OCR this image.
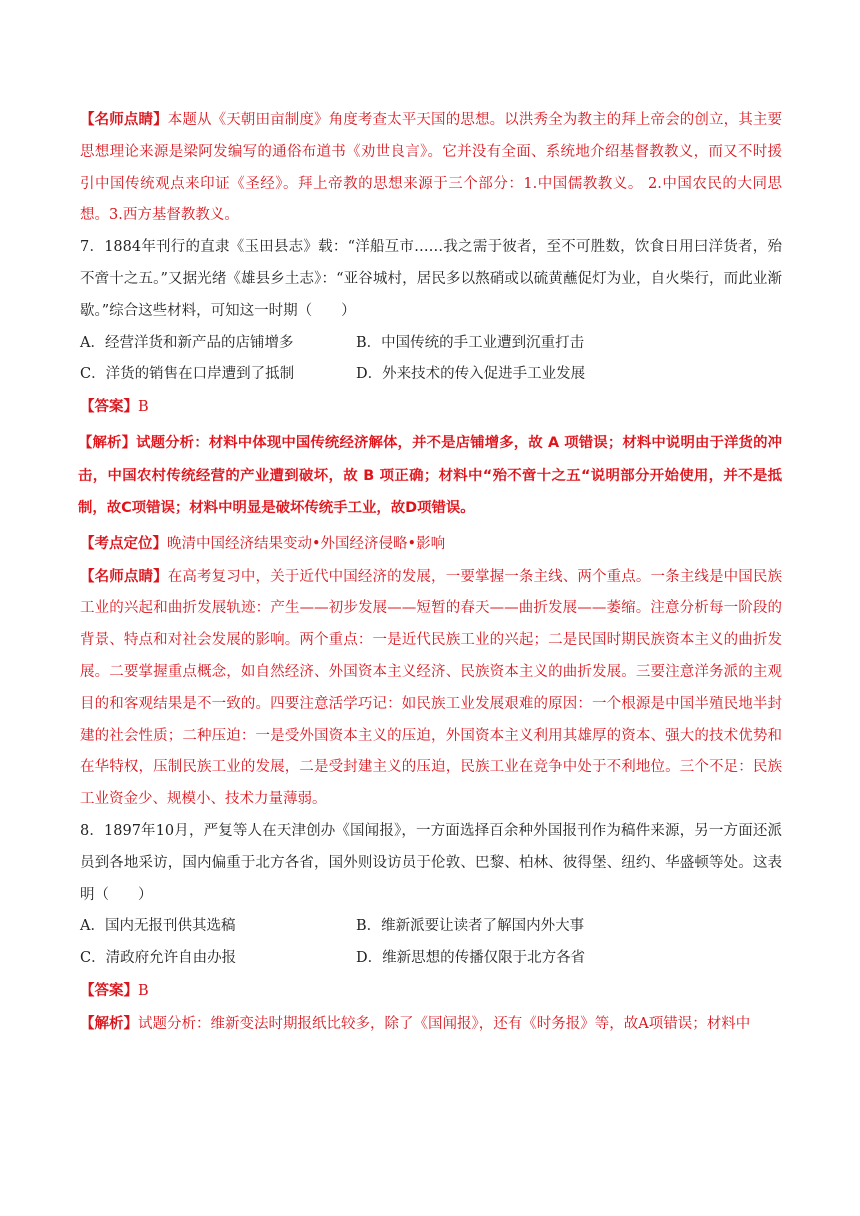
【名师点睛】本题从《天朝田亩制度》角度考查太平天国的思想。以洪秀全为教主的拜上帝会的创立，其主要思想理论来源是梁阿发编写的通俗布道书《劝世良言》。它并没有全面、系统地介绍基督教教义，而又不时援引中国传统观点来印证《圣经》。拜上帝教的思想来源于三个部分：1.中国儒教教义。 2.中国农民的大同思想。3.西方基督教教义。

7．1884年刊行的直隶《玉田县志》载：“洋船互市……我之需于彼者，至不可胜数，饮食日用曰洋货者，殆不啻十之五。”又据光绪《雄县乡土志》：“亚谷城村，居民多以熬硝或以硫黄蘸促灯为业，自火柴行，而此业渐歇。”综合这些材料，可知这一时期（　　）

A．经营洋货和新产品的店铺增多	B．中国传统的手工业遭到沉重打击
C．洋货的销售在口岸遭到了抵制	D．外来技术的传入促进手工业发展

【答案】B

【解析】试题分析：材料中体现中国传统经济解体，并不是店铺增多，故 A 项错误；材料中说明由于洋货的冲击，中国农村传统经营的产业遭到破坏，故 B 项正确；材料中“殆不啻十之五“说明部分开始使用，并不是抵制，故C项错误；材料中明显是破坏传统手工业，故D项错误。

【考点定位】晚清中国经济结果变动•外国经济侵略•影响

【名师点睛】在高考复习中，关于近代中国经济的发展，一要掌握一条主线、两个重点。一条主线是中国民族工业的兴起和曲折发展轨迹：产生——初步发展——短暂的春天——曲折发展——萎缩。注意分析每一阶段的背景、特点和对社会发展的影响。两个重点：一是近代民族工业的兴起；二是民国时期民族资本主义的曲折发展。二要掌握重点概念，如自然经济、外国资本主义经济、民族资本主义的曲折发展。三要注意洋务派的主观目的和客观结果是不一致的。四要注意活学巧记：如民族工业发展艰难的原因：一个根源是中国半殖民地半封建的社会性质；二种压迫：一是受外国资本主义的压迫，外国资本主义利用其雄厚的资本、强大的技术优势和在华特权，压制民族工业的发展，二是受封建主义的压迫，民族工业在竞争中处于不利地位。三个不足：民族工业资金少、规模小、技术力量薄弱。

8．1897年10月，严复等人在天津创办《国闻报》，一方面选择百余种外国报刊作为稿件来源，另一方面还派员到各地采访，国内偏重于北方各省，国外则设访员于伦敦、巴黎、柏林、彼得堡、纽约、华盛顿等处。这表明（　　）

A．国内无报刊供其选稿	B．维新派要让读者了解国内外大事
C．清政府允许自由办报	D．维新思想的传播仅限于北方各省

【答案】B

【解析】试题分析：维新变法时期报纸比较多，除了《国闻报》，还有《时务报》等，故A项错误；材料中
